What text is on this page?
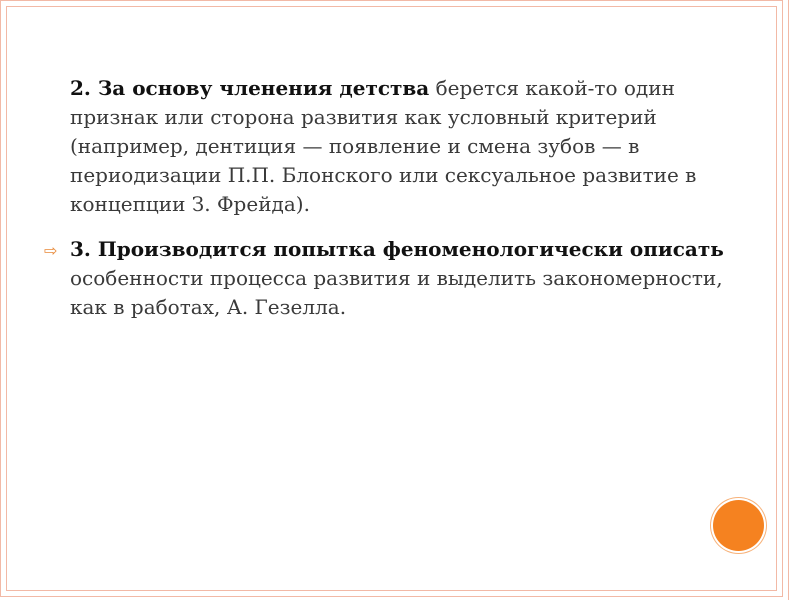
2. За основу членения детства берется какой-то один признак или сторона развития как условный критерий (например, дентиция — появление и смена зубов — в периодизации П.П. Блонского или сексуальное развитие в концепции З. Фрейда).

3. Производится попытка феноменологически описать особенности процесса развития и выделить закономерности, как в работах, А. Гезелла.

⇨
